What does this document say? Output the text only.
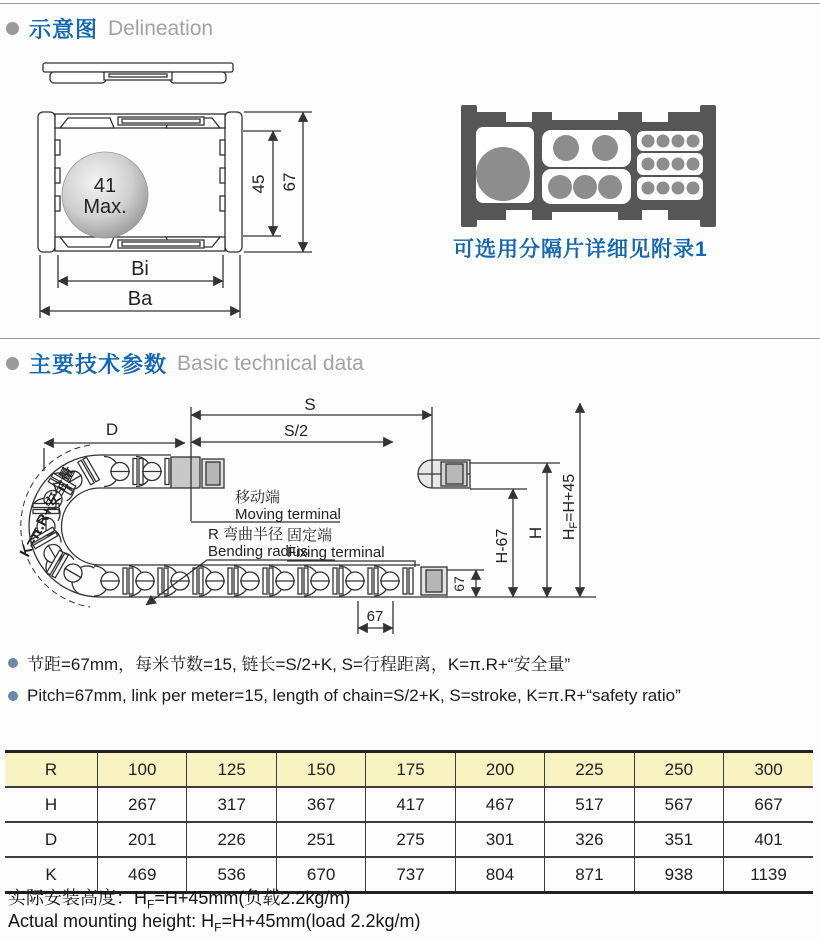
示意图 Delineation
41
Max.
45 67
Bi
Ba
可选用分隔片详细见附录1
主要技术参数 Basic technical data
S
S/2
D
移动端
Moving terminal
固定端
Fixing terminal
R 弯曲半径
Bending radius
K=π.R+安全量
67
67
H-67 H HF=H+45
节距=67mm，每米节数=15, 链长=S/2+K, S=行程距离，K=π.R+“安全量”
Pitch=67mm, link per meter=15, length of chain=S/2+K, S=stroke, K=π.R+“safety ratio”
R	100	125	150	175	200	225	250	300
H	267	317	367	417	467	517	567	667
D	201	226	251	275	301	326	351	401
K	469	536	670	737	804	871	938	1139
实际安装高度：$H_F=H+45mm$(负载2.2kg/m)
Actual mounting height: $H_F=H+45mm(load$ 2.2kg/m)
